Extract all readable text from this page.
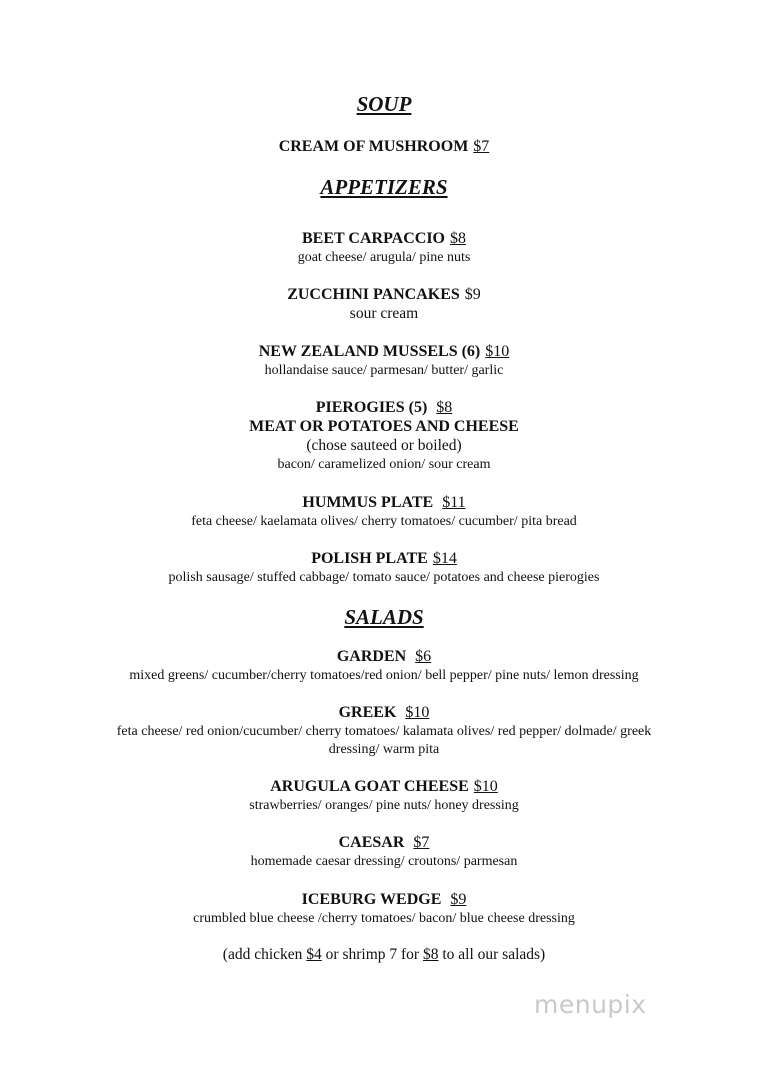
SOUP
CREAM OF MUSHROOM $7
APPETIZERS
BEET CARPACCIO $8
goat cheese/ arugula/ pine nuts
ZUCCHINI PANCAKES $9
sour cream
NEW ZEALAND MUSSELS (6) $10
hollandaise sauce/ parmesan/ butter/ garlic
PIEROGIES (5) $8
MEAT OR POTATOES AND CHEESE
(chose sauteed or boiled)
bacon/ caramelized onion/ sour cream
HUMMUS PLATE $11
feta cheese/ kaelamata olives/ cherry tomatoes/ cucumber/ pita bread
POLISH PLATE $14
polish sausage/ stuffed cabbage/ tomato sauce/ potatoes and cheese pierogies
SALADS
GARDEN $6
mixed greens/ cucumber/cherry tomatoes/red onion/ bell pepper/ pine nuts/ lemon dressing
GREEK $10
feta cheese/ red onion/cucumber/ cherry tomatoes/ kalamata olives/ red pepper/ dolmade/ greek
dressing/ warm pita
ARUGULA GOAT CHEESE $10
strawberries/ oranges/ pine nuts/ honey dressing
CAESAR $7
homemade caesar dressing/ croutons/ parmesan
ICEBURG WEDGE $9
crumbled blue cheese /cherry tomatoes/ bacon/ blue cheese dressing
(add chicken $4 or shrimp 7 for $8 to all our salads)
menupix
